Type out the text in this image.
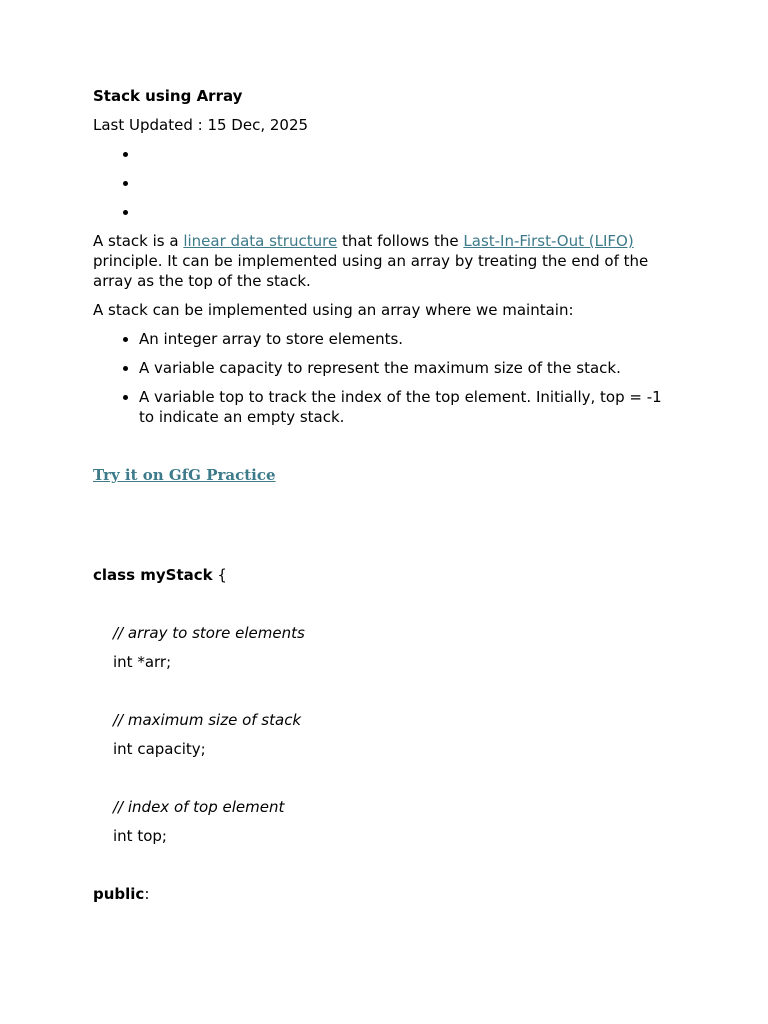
Stack using Array
Last Updated : 15 Dec, 2025
•
•
•

A stack is a linear data structure that follows the Last-In-First-Out (LIFO) principle. It can be implemented using an array by treating the end of the array as the top of the stack.

A stack can be implemented using an array where we maintain:

• An integer array to store elements.
• A variable capacity to represent the maximum size of the stack.
• A variable top to track the index of the top element. Initially, top = -1 to indicate an empty stack.
Try it on GfG Practice
class myStack {
// array to store elements
int *arr;
// maximum size of stack
int capacity;
// index of top element
int top;
public:
